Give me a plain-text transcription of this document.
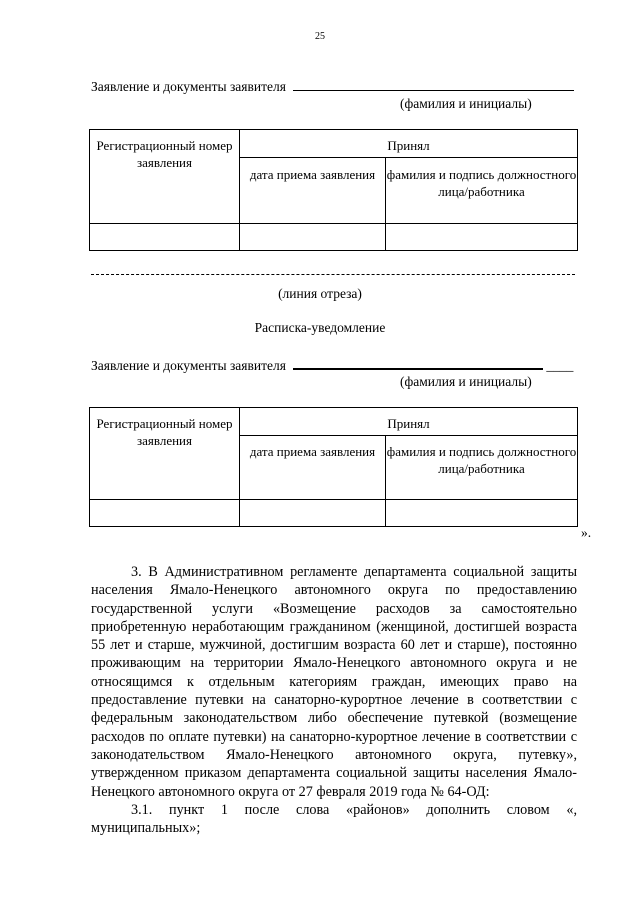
25
Заявление и документы заявителя
(фамилия и инициалы)
Регистрационный номер заявления	Принял	
	дата приема заявления	фамилия и подпись должностного лица/работника

(линия отреза)
Расписка-уведомление
Заявление и документы заявителя	____
(фамилия и инициалы)
Регистрационный номер заявления	Принял	
	дата приема заявления	фамилия и подпись должностного лица/работника

».

3. В Административном регламенте департамента социальной защиты населения Ямало-Ненецкого автономного округа по предоставлению государственной услуги «Возмещение расходов за самостоятельно приобретенную неработающим гражданином (женщиной, достигшей возраста 55 лет и старше, мужчиной, достигшим возраста 60 лет и старше), постоянно проживающим на территории Ямало-Ненецкого автономного округа и не относящимся к отдельным категориям граждан, имеющих право на предоставление путевки на санаторно-курортное лечение в соответствии с федеральным законодательством либо обеспечение путевкой (возмещение расходов по оплате путевки) на санаторно-курортное лечение в соответствии с законодательством Ямало-Ненецкого автономного округа, путевку», утвержденном приказом департамента социальной защиты населения Ямало-Ненецкого автономного округа от 27 февраля 2019 года № 64-ОД:

3.1. пункт 1 после слова «районов» дополнить словом «, муниципальных»;
